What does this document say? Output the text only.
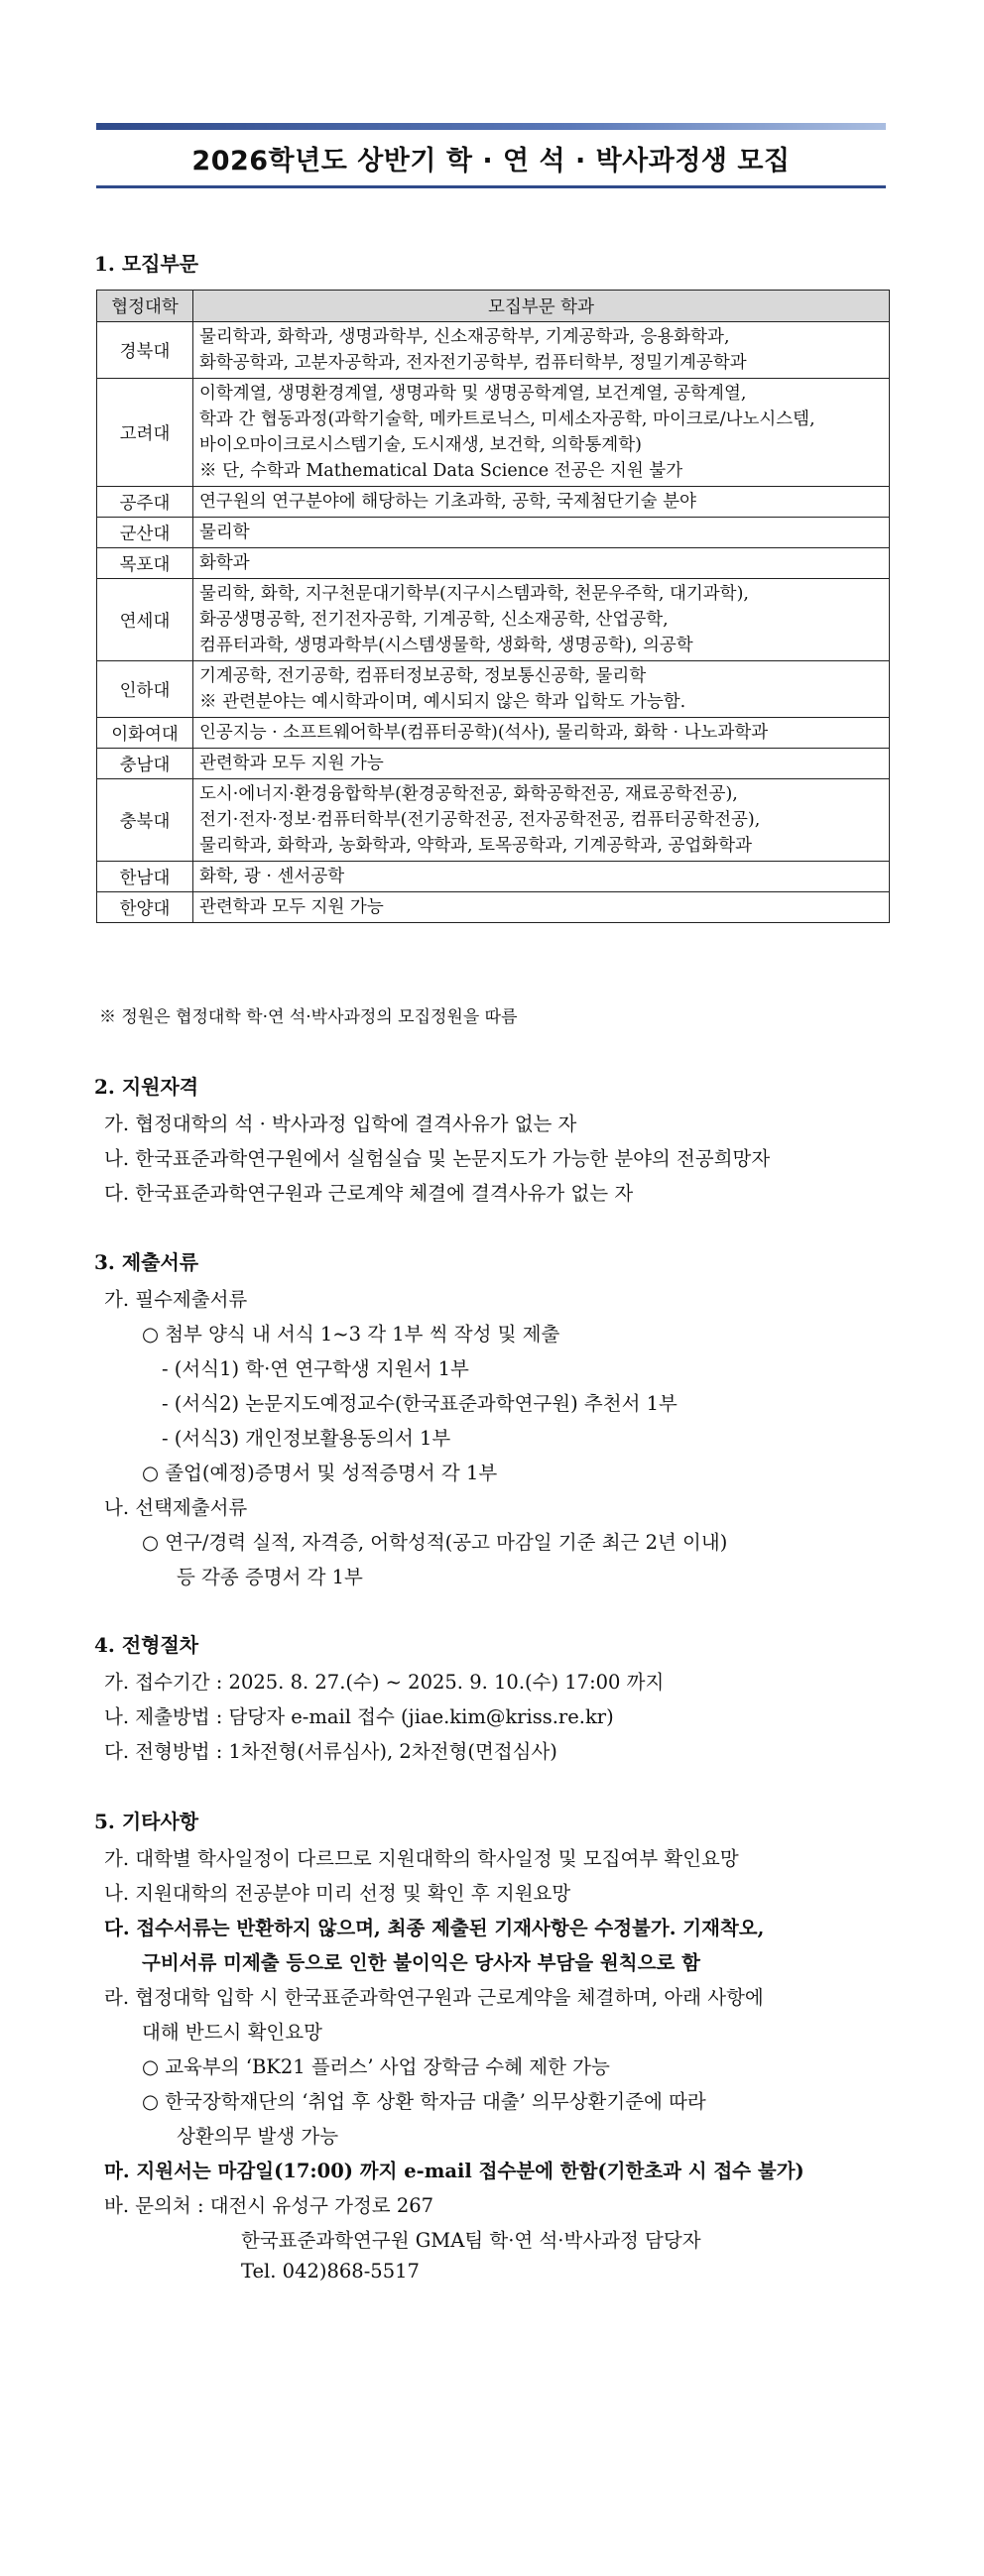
2026학년도 상반기 학 · 연 석 · 박사과정생 모집
1. 모집부문
협정대학	모집부문 학과
경북대	물리학과, 화학과, 생명과학부, 신소재공학부, 기계공학과, 응용화학과,
화학공학과, 고분자공학과, 전자전기공학부, 컴퓨터학부, 정밀기계공학과

고려대	이학계열, 생명환경계열, 생명과학 및 생명공학계열, 보건계열, 공학계열,
학과 간 협동과정(과학기술학, 메카트로닉스, 미세소자공학, 마이크로/나노시스템,
바이오마이크로시스템기술, 도시재생, 보건학, 의학통계학)
※ 단, 수학과 Mathematical Data Science 전공은 지원 불가

공주대	연구원의 연구분야에 해당하는 기초과학, 공학, 국제첨단기술 분야

군산대	물리학

목포대	화학과

연세대	물리학, 화학, 지구천문대기학부(지구시스템과학, 천문우주학, 대기과학),
화공생명공학, 전기전자공학, 기계공학, 신소재공학, 산업공학,
컴퓨터과학, 생명과학부(시스템생물학, 생화학, 생명공학), 의공학

인하대	기계공학, 전기공학, 컴퓨터정보공학, 정보통신공학, 물리학
※ 관련분야는 예시학과이며, 예시되지 않은 학과 입학도 가능함.

이화여대	인공지능 · 소프트웨어학부(컴퓨터공학)(석사), 물리학과, 화학 · 나노과학과

충남대	관련학과 모두 지원 가능

충북대	도시·에너지·환경융합학부(환경공학전공, 화학공학전공, 재료공학전공),
전기·전자·정보·컴퓨터학부(전기공학전공, 전자공학전공, 컴퓨터공학전공),
물리학과, 화학과, 농화학과, 약학과, 토목공학과, 기계공학과, 공업화학과

한남대	화학, 광 · 센서공학

한양대	관련학과 모두 지원 가능
※ 정원은 협정대학 학·연 석·박사과정의 모집정원을 따름
2. 지원자격
가. 협정대학의 석 · 박사과정 입학에 결격사유가 없는 자
나. 한국표준과학연구원에서 실험실습 및 논문지도가 가능한 분야의 전공희망자
다. 한국표준과학연구원과 근로계약 체결에 결격사유가 없는 자
3. 제출서류
가. 필수제출서류
○ 첨부 양식 내 서식 1~3 각 1부 씩 작성 및 제출
- (서식1) 학·연 연구학생 지원서 1부
- (서식2) 논문지도예정교수(한국표준과학연구원) 추천서 1부
- (서식3) 개인정보활용동의서 1부
○ 졸업(예정)증명서 및 성적증명서 각 1부
나. 선택제출서류
○ 연구/경력 실적, 자격증, 어학성적(공고 마감일 기준 최근 2년 이내)
등 각종 증명서 각 1부
4. 전형절차
가. 접수기간 : 2025. 8. 27.(수) ~ 2025. 9. 10.(수) 17:00 까지
나. 제출방법 : 담당자 e-mail 접수 (jiae.kim@kriss.re.kr)
다. 전형방법 : 1차전형(서류심사), 2차전형(면접심사)
5. 기타사항
가. 대학별 학사일정이 다르므로 지원대학의 학사일정 및 모집여부 확인요망
나. 지원대학의 전공분야 미리 선정 및 확인 후 지원요망
다. 접수서류는 반환하지 않으며, 최종 제출된 기재사항은 수정불가. 기재착오,
구비서류 미제출 등으로 인한 불이익은 당사자 부담을 원칙으로 함
라. 협정대학 입학 시 한국표준과학연구원과 근로계약을 체결하며, 아래 사항에
대해 반드시 확인요망
○ 교육부의 ‘BK21 플러스’ 사업 장학금 수혜 제한 가능
○ 한국장학재단의 ‘취업 후 상환 학자금 대출’ 의무상환기준에 따라
상환의무 발생 가능
마. 지원서는 마감일(17:00) 까지 e-mail 접수분에 한함(기한초과 시 접수 불가)
바. 문의처 : 대전시 유성구 가정로 267
한국표준과학연구원 GMA팀 학·연 석·박사과정 담당자
Tel. 042)868-5517
